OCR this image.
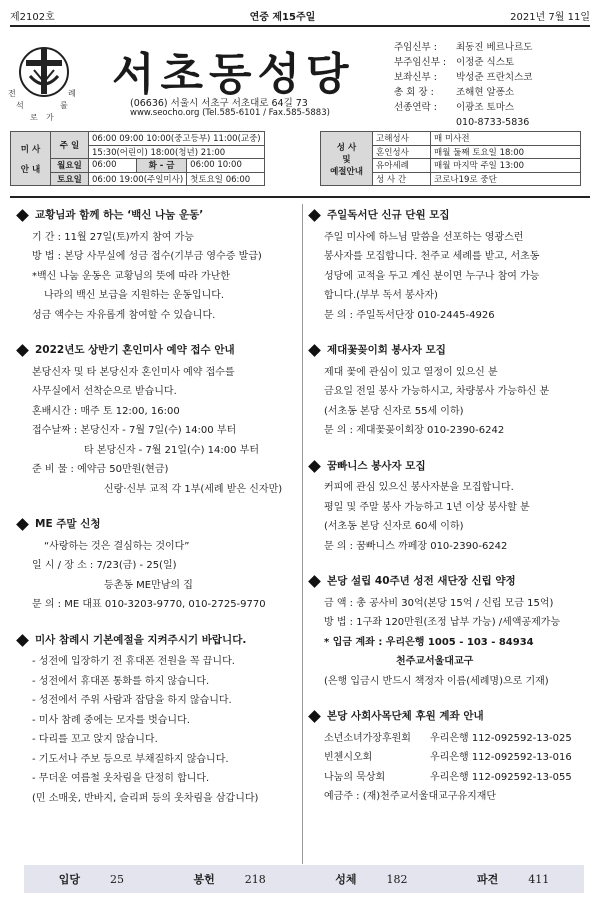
제2102호	연중 제15주일	2021년 7월 11일
전	례
석	룰
로 가
서초동성당
(06636) 서울시 서초구 서초대로 64길 73
www.seocho.org (Tel.585-6101 / Fax.585-5883)
주임신부 :	최동진 베르나르도
부주임신부 :	이정준 식스토
보좌신부 :	박성준 프란치스코
총 회 장 :	조해현 알퐁소
선종연락 :	이광조 토마스
010-8733-5836
미 사
안 내	주 일	06:00 09:00 10:00(중고등부) 11:00(교중)		
		15:30(어린이) 18:00(청년) 21:00		
	월요일	06:00	화 - 금	06:00 10:00
	토요일	06:00 19:00(주일미사)		첫토요일 06:00
성 사
및
예절안내	고해성사	매 미사전
	혼인성사	매월 둘째 토요일 18:00
	유아세례	매월 마지막 주일 13:00
	성 사 간	코로나19로 중단
교황님과 함께 하는 ‘백신 나눔 운동’
기 간 : 11월 27일(토)까지 참여 가능
방 법 : 본당 사무실에 성금 접수(기부금 영수증 발급)
*백신 나눔 운동은 교황님의 뜻에 따라 가난한
나라의 백신 보급을 지원하는 운동입니다.
성금 액수는 자유롭게 참여할 수 있습니다.
2022년도 상반기 혼인미사 예약 접수 안내
본당신자 및 타 본당신자 혼인미사 예약 접수를
사무실에서 선착순으로 받습니다.
혼배시간 : 매주 토 12:00, 16:00
접수날짜 : 본당신자 - 7월 7일(수) 14:00 부터
타 본당신자 - 7월 21일(수) 14:00 부터
준 비 물 : 예약금 50만원(현금)
신랑·신부 교적 각 1부(세례 받은 신자만)
ME 주말 신청
“사랑하는 것은 결심하는 것이다”
일 시 / 장 소 : 7/23(금) - 25(일)
등촌동 ME만남의 집
문 의 : ME 대표 010-3203-9770, 010-2725-9770
미사 참례시 기본예절을 지켜주시기 바랍니다.
- 성전에 입장하기 전 휴대폰 전원을 꼭 끕니다.
- 성전에서 휴대폰 통화를 하지 않습니다.
- 성전에서 주위 사람과 잡담을 하지 않습니다.
- 미사 참례 중에는 모자를 벗습니다.
- 다리를 꼬고 앉지 않습니다.
- 기도서나 주보 등으로 부채질하지 않습니다.
- 무더운 여름철 옷차림을 단정히 합니다.
(민 소매옷, 반바지, 슬리퍼 등의 옷차림을 삼갑니다)
주일독서단 신규 단원 모집
주일 미사에 하느님 말씀을 선포하는 영광스런
봉사자를 모집합니다. 천주교 세례를 받고, 서초동
성당에 교적을 두고 계신 분이면 누구나 참여 가능
합니다.(부부 독서 봉사자)
문 의 : 주일독서단장 010-2445-4926
제대꽃꽂이회 봉사자 모집
제대 꽃에 관심이 있고 열정이 있으신 분
금요일 전일 봉사 가능하시고, 차량봉사 가능하신 분
(서초동 본당 신자로 55세 이하)
문 의 : 제대꽃꽂이회장 010-2390-6242
꿈빠니스 봉사자 모집
커피에 관심 있으신 봉사자분을 모집합니다.
평일 및 주말 봉사 가능하고 1년 이상 봉사할 분
(서초동 본당 신자로 60세 이하)
문 의 : 꿈빠니스 까페장 010-2390-6242
본당 설립 40주년 성전 새단장 신립 약정
금 액 : 총 공사비 30억(본당 15억 / 신립 모금 15억)
방 법 : 1구좌 120만원(조정 납부 가능) /세액공제가능
* 입금 계좌 : 우리은행 1005 - 103 - 84934
천주교서울대교구
(은행 입금시 반드시 책정자 이름(세례명)으로 기재)
본당 사회사목단체 후원 계좌 안내
소년소녀가장후원회	우리은행 112-092592-13-025
빈첸시오회	우리은행 112-092592-13-016
나눔의 묵상회	우리은행 112-092592-13-055
예금주 : (재)천주교서울대교구유지재단
입당	25	봉헌	218	성체	182	파견	411
